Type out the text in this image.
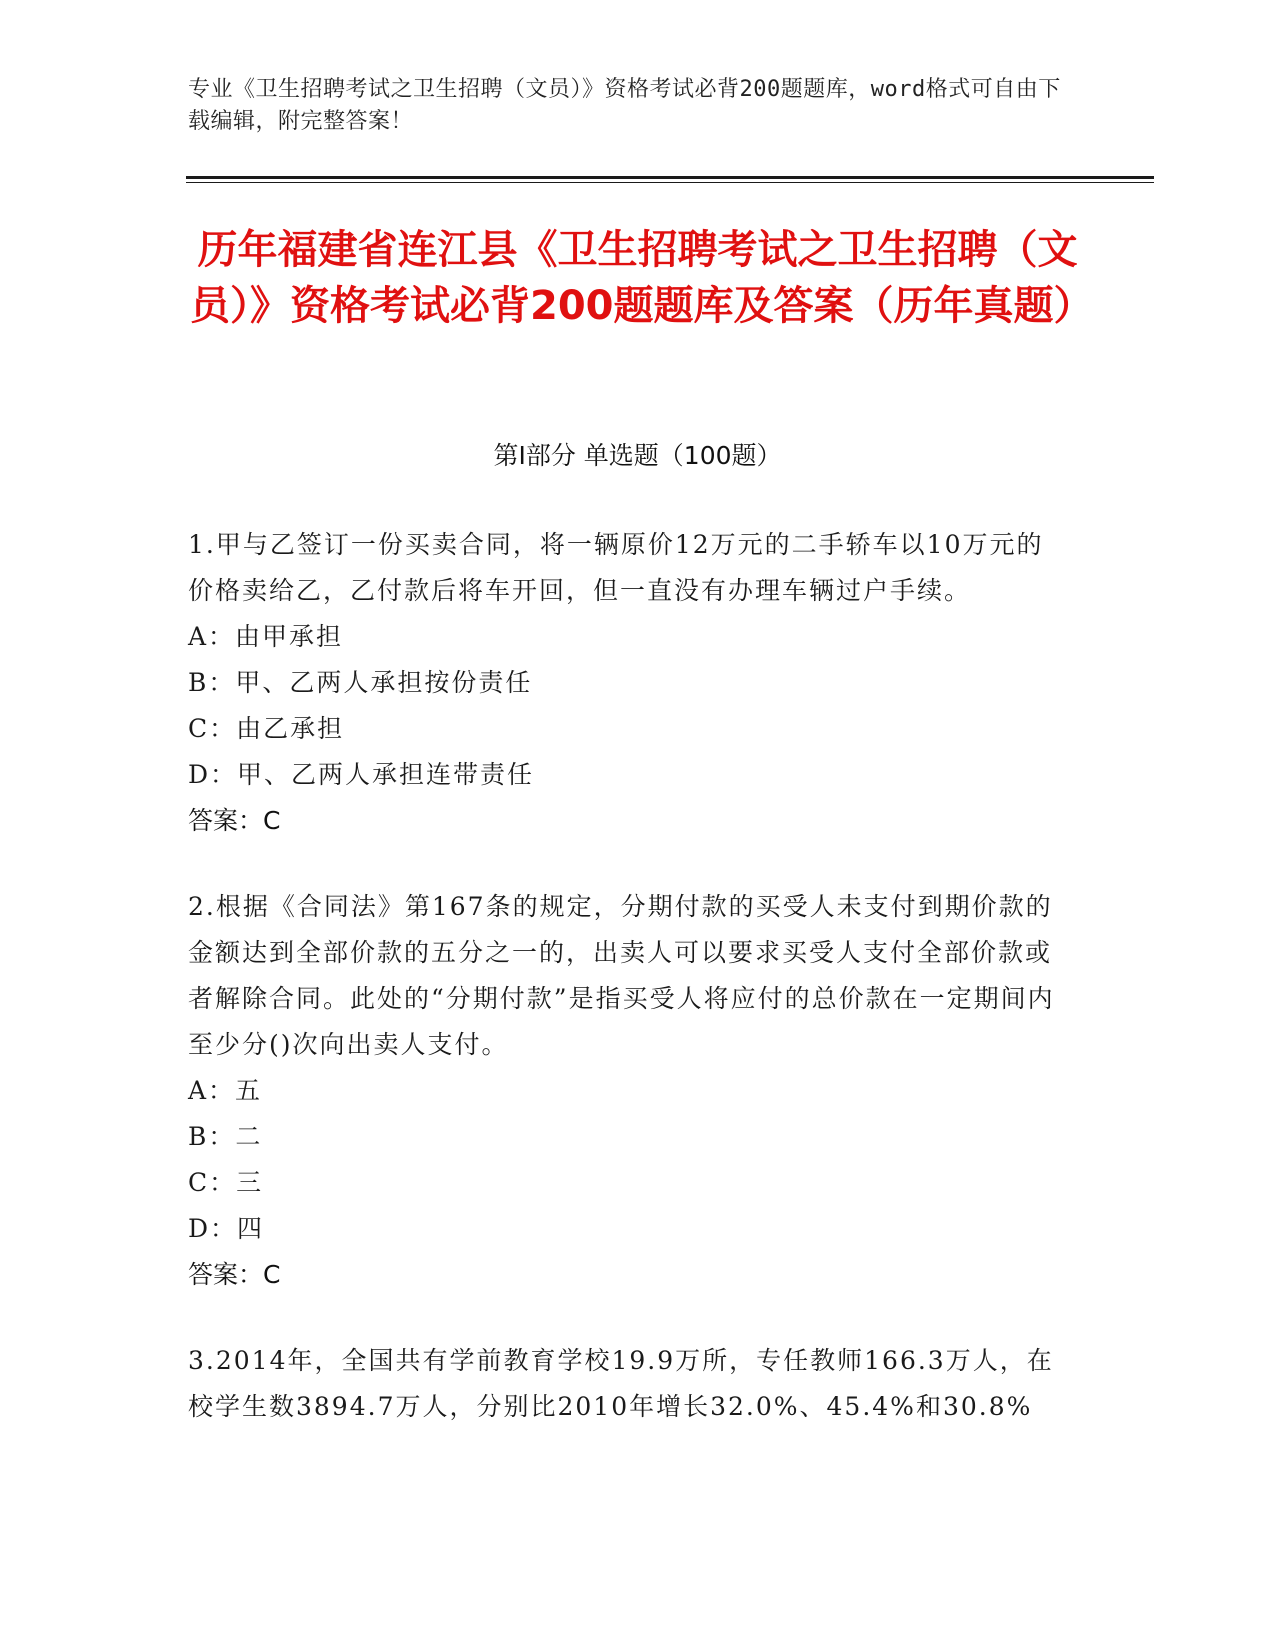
专业《卫生招聘考试之卫生招聘（文员）》资格考试必背200题题库，word格式可自由下载编辑，附完整答案！
历年福建省连江县《卫生招聘考试之卫生招聘（文员）》资格考试必背200题题库及答案（历年真题）
第Ⅰ部分 单选题（100题）
1.甲与乙签订一份买卖合同，将一辆原价12万元的二手轿车以10万元的价格卖给乙，乙付款后将车开回，但一直没有办理车辆过户手续。
A：由甲承担
B：甲、乙两人承担按份责任
C：由乙承担
D：甲、乙两人承担连带责任
答案：C
2.根据《合同法》第167条的规定，分期付款的买受人未支付到期价款的金额达到全部价款的五分之一的，出卖人可以要求买受人支付全部价款或者解除合同。此处的“分期付款”是指买受人将应付的总价款在一定期间内至少分()次向出卖人支付。
A：五
B：二
C：三
D：四
答案：C
3.2014年，全国共有学前教育学校19.9万所，专任教师166.3万人，在校学生数3894.7万人，分别比2010年增长32.0%、45.4%和30.8%
